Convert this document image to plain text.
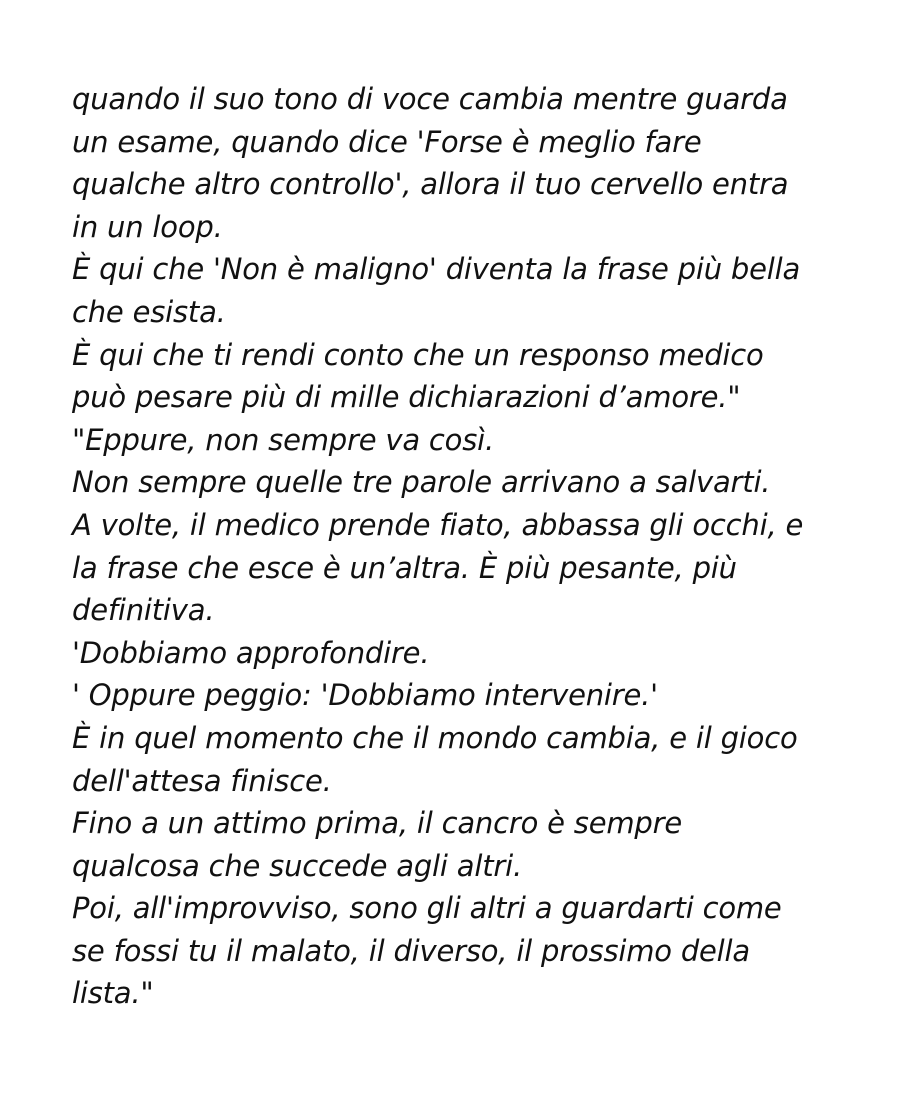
quando il suo tono di voce cambia mentre guarda
un esame, quando dice 'Forse è meglio fare
qualche altro controllo', allora il tuo cervello entra
in un loop.
È qui che 'Non è maligno' diventa la frase più bella
che esista.
È qui che ti rendi conto che un responso medico
può pesare più di mille dichiarazioni d’amore."
"Eppure, non sempre va così.
Non sempre quelle tre parole arrivano a salvarti.
A volte, il medico prende fiato, abbassa gli occhi, e
la frase che esce è un’altra. È più pesante, più
definitiva.
'Dobbiamo approfondire.
' Oppure peggio: 'Dobbiamo intervenire.'
È in quel momento che il mondo cambia, e il gioco
dell'attesa finisce.
Fino a un attimo prima, il cancro è sempre
qualcosa che succede agli altri.
Poi, all'improvviso, sono gli altri a guardarti come
se fossi tu il malato, il diverso, il prossimo della
lista."
